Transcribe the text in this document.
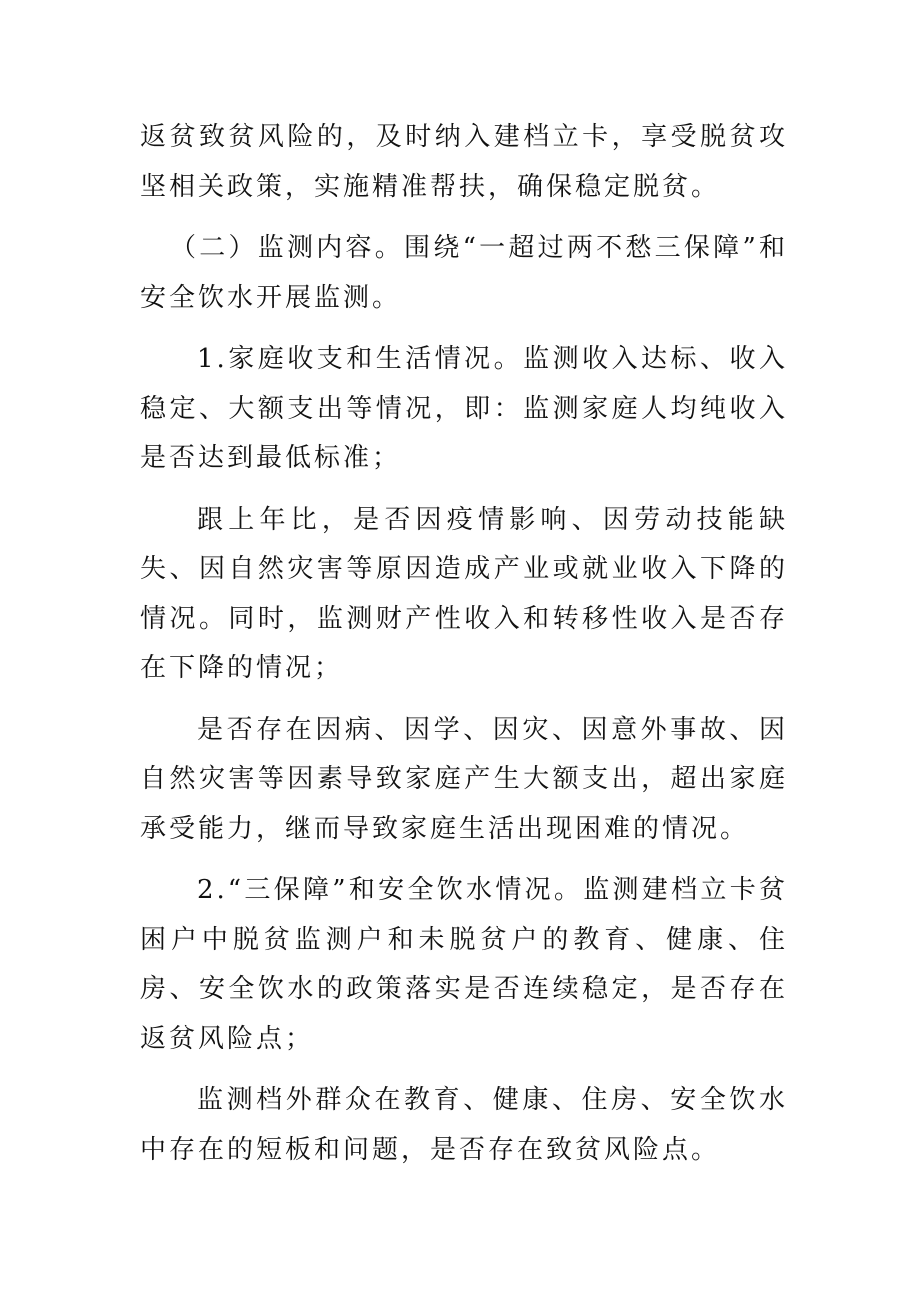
返贫致贫风险的，及时纳入建档立卡，享受脱贫攻坚相关政策，实施精准帮扶，确保稳定脱贫。

（二）监测内容。围绕“一超过两不愁三保障”和安全饮水开展监测。

1.家庭收支和生活情况。监测收入达标、收入稳定、大额支出等情况，即：监测家庭人均纯收入是否达到最低标准；

跟上年比，是否因疫情影响、因劳动技能缺失、因自然灾害等原因造成产业或就业收入下降的情况。同时，监测财产性收入和转移性收入是否存在下降的情况；

是否存在因病、因学、因灾、因意外事故、因自然灾害等因素导致家庭产生大额支出，超出家庭承受能力，继而导致家庭生活出现困难的情况。

2.“三保障”和安全饮水情况。监测建档立卡贫困户中脱贫监测户和未脱贫户的教育、健康、住房、安全饮水的政策落实是否连续稳定，是否存在返贫风险点；

监测档外群众在教育、健康、住房、安全饮水中存在的短板和问题，是否存在致贫风险点。
